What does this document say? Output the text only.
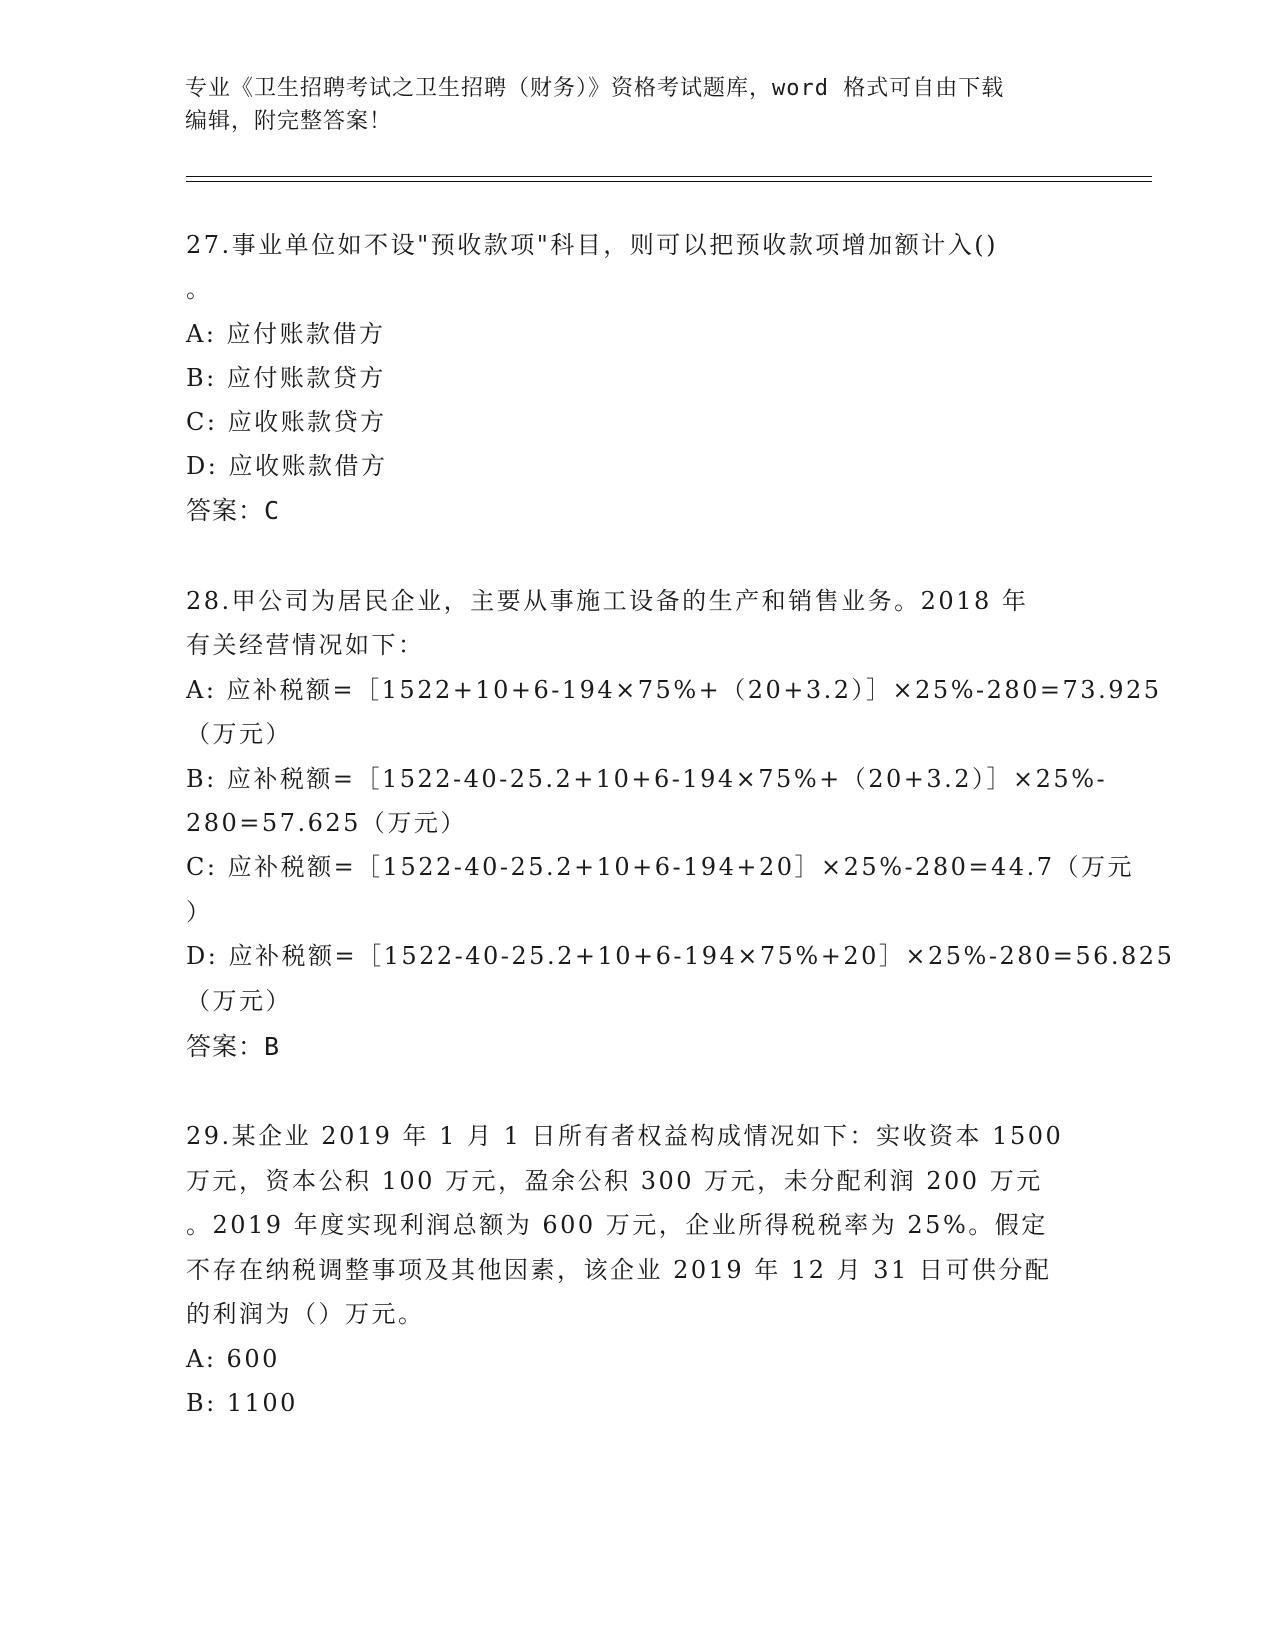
专业《卫生招聘考试之卫生招聘（财务）》资格考试题库，word 格式可自由下载
编辑，附完整答案！
27.事业单位如不设"预收款项"科目，则可以把预收款项增加额计入()
。
A: 应付账款借方
B: 应付账款贷方
C: 应收账款贷方
D: 应收账款借方
答案：C
28.甲公司为居民企业，主要从事施工设备的生产和销售业务。2018 年
有关经营情况如下：
A: 应补税额=［1522+10+6-194×75%+（20+3.2）］×25%-280=73.925
（万元）
B: 应补税额=［1522-40-25.2+10+6-194×75%+（20+3.2）］×25%-
280=57.625（万元）
C: 应补税额=［1522-40-25.2+10+6-194+20］×25%-280=44.7（万元
）
D: 应补税额=［1522-40-25.2+10+6-194×75%+20］×25%-280=56.825
（万元）
答案：B
29.某企业 2019 年 1 月 1 日所有者权益构成情况如下：实收资本 1500
万元，资本公积 100 万元，盈余公积 300 万元，未分配利润 200 万元
。2019 年度实现利润总额为 600 万元，企业所得税税率为 25%。假定
不存在纳税调整事项及其他因素，该企业 2019 年 12 月 31 日可供分配
的利润为（）万元。
A: 600
B: 1100
